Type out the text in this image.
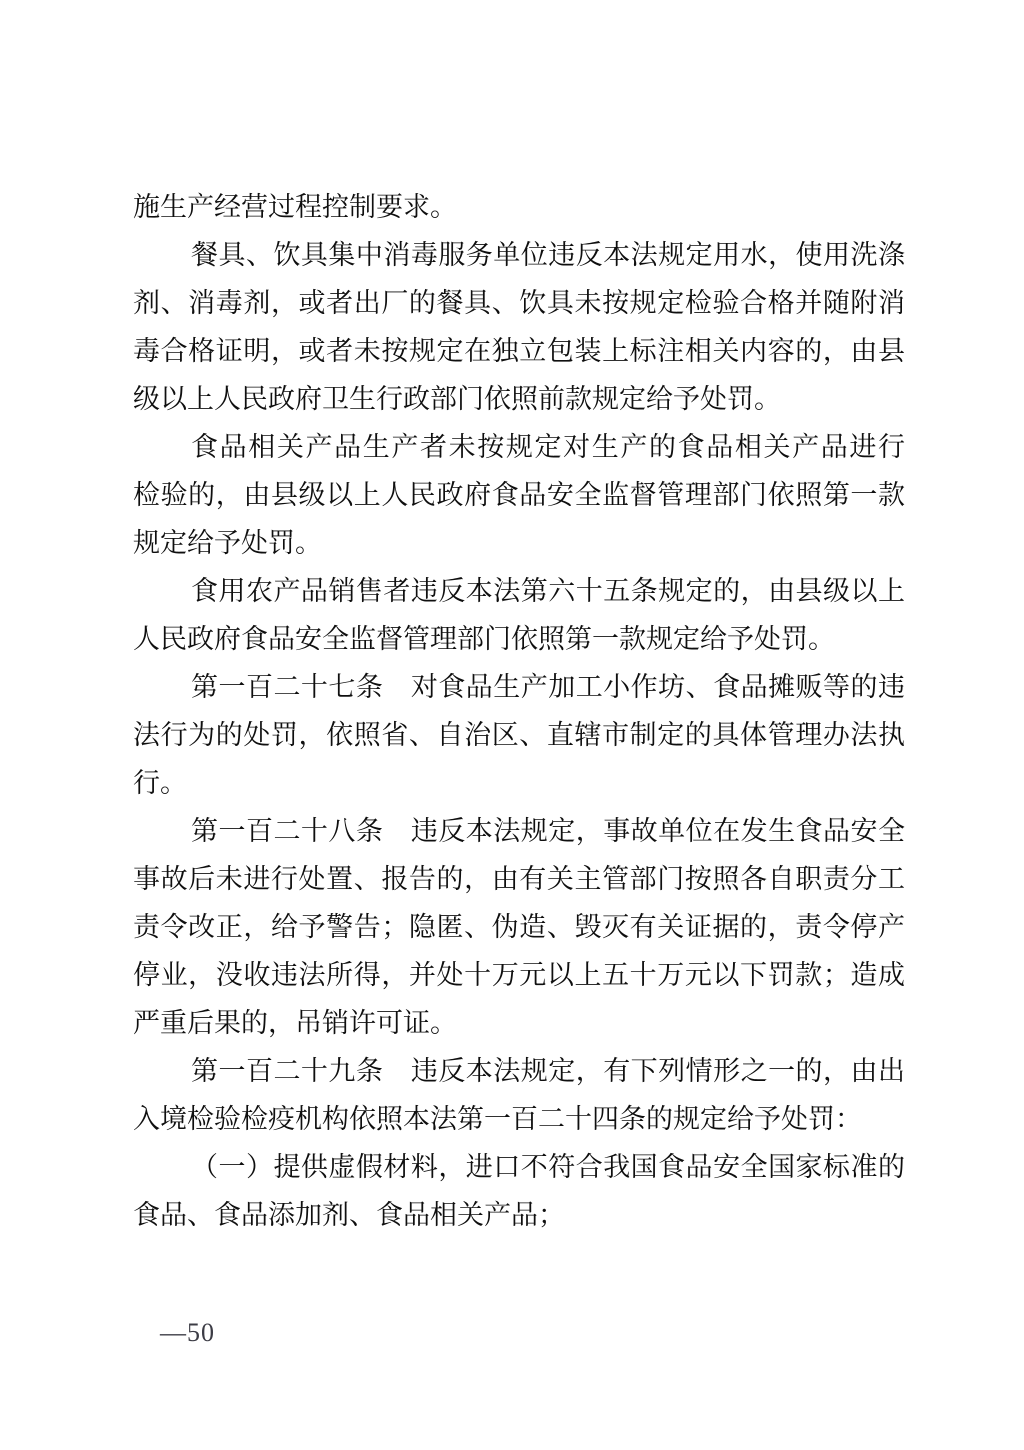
施生产经营过程控制要求。
餐具、饮具集中消毒服务单位违反本法规定用水，使用洗涤
剂、消毒剂，或者出厂的餐具、饮具未按规定检验合格并随附消
毒合格证明，或者未按规定在独立包装上标注相关内容的，由县
级以上人民政府卫生行政部门依照前款规定给予处罚。
食品相关产品生产者未按规定对生产的食品相关产品进行
检验的，由县级以上人民政府食品安全监督管理部门依照第一款
规定给予处罚。
食用农产品销售者违反本法第六十五条规定的，由县级以上
人民政府食品安全监督管理部门依照第一款规定给予处罚。
第一百二十七条　对食品生产加工小作坊、食品摊贩等的违
法行为的处罚，依照省、自治区、直辖市制定的具体管理办法执
行。
第一百二十八条　违反本法规定，事故单位在发生食品安全
事故后未进行处置、报告的，由有关主管部门按照各自职责分工
责令改正，给予警告；隐匿、伪造、毁灭有关证据的，责令停产
停业，没收违法所得，并处十万元以上五十万元以下罚款；造成
严重后果的，吊销许可证。
第一百二十九条　违反本法规定，有下列情形之一的，由出
入境检验检疫机构依照本法第一百二十四条的规定给予处罚：
（一）提供虚假材料，进口不符合我国食品安全国家标准的
食品、食品添加剂、食品相关产品；
—50
